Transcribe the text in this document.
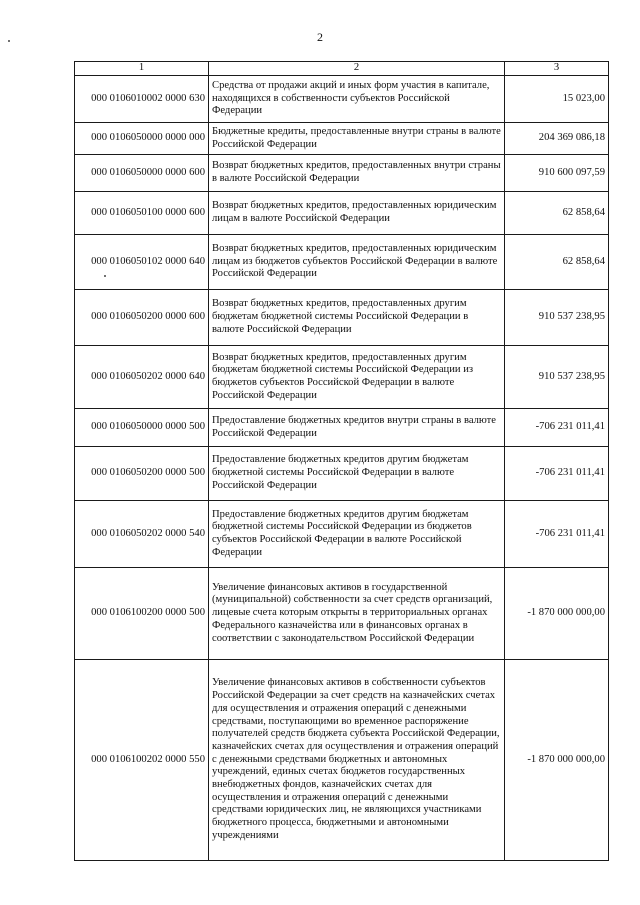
2
1	2	3
000 0106010002 0000 630	Средства от продажи акций и иных форм участия в капитале, находящихся в собственности субъектов Российской Федерации	15 023,00
000 0106050000 0000 000	Бюджетные кредиты, предоставленные внутри страны в валюте Российской Федерации	204 369 086,18
000 0106050000 0000 600	Возврат бюджетных кредитов, предоставленных внутри страны в валюте Российской Федерации	910 600 097,59
000 0106050100 0000 600	Возврат бюджетных кредитов, предоставленных юридическим лицам в валюте Российской Федерации	62 858,64
000 0106050102 0000 640	Возврат бюджетных кредитов, предоставленных юридическим лицам из бюджетов субъектов Российской Федерации в валюте Российской Федерации	62 858,64
000 0106050200 0000 600	Возврат бюджетных кредитов, предоставленных другим бюджетам бюджетной системы Российской Федерации в валюте Российской Федерации	910 537 238,95
000 0106050202 0000 640	Возврат бюджетных кредитов, предоставленных другим бюджетам бюджетной системы Российской Федерации из бюджетов субъектов Российской Федерации в валюте Российской Федерации	910 537 238,95
000 0106050000 0000 500	Предоставление бюджетных кредитов внутри страны в валюте Российской Федерации	-706 231 011,41
000 0106050200 0000 500	Предоставление бюджетных кредитов другим бюджетам бюджетной системы Российской Федерации в валюте Российской Федерации	-706 231 011,41
000 0106050202 0000 540	Предоставление бюджетных кредитов другим бюджетам бюджетной системы Российской Федерации из бюджетов субъектов Российской Федерации в валюте Российской Федерации	-706 231 011,41
000 0106100200 0000 500	Увеличение финансовых активов в государственной (муниципальной) собственности за счет средств организаций, лицевые счета которым открыты в территориальных органах Федерального казначейства или в финансовых органах в соответствии с законодательством Российской Федерации	-1 870 000 000,00
000 0106100202 0000 550	Увеличение финансовых активов в собственности субъектов Российской Федерации за счет средств на казначейских счетах для осуществления и отражения операций с денежными средствами, поступающими во временное распоряжение получателей средств бюджета субъекта Российской Федерации, казначейских счетах для осуществления и отражения операций с денежными средствами бюджетных и автономных учреждений, единых счетах бюджетов государственных внебюджетных фондов, казначейских счетах для осуществления и отражения операций с денежными средствами юридических лиц, не являющихся участниками бюджетного процесса, бюджетными и автономными учреждениями	-1 870 000 000,00
